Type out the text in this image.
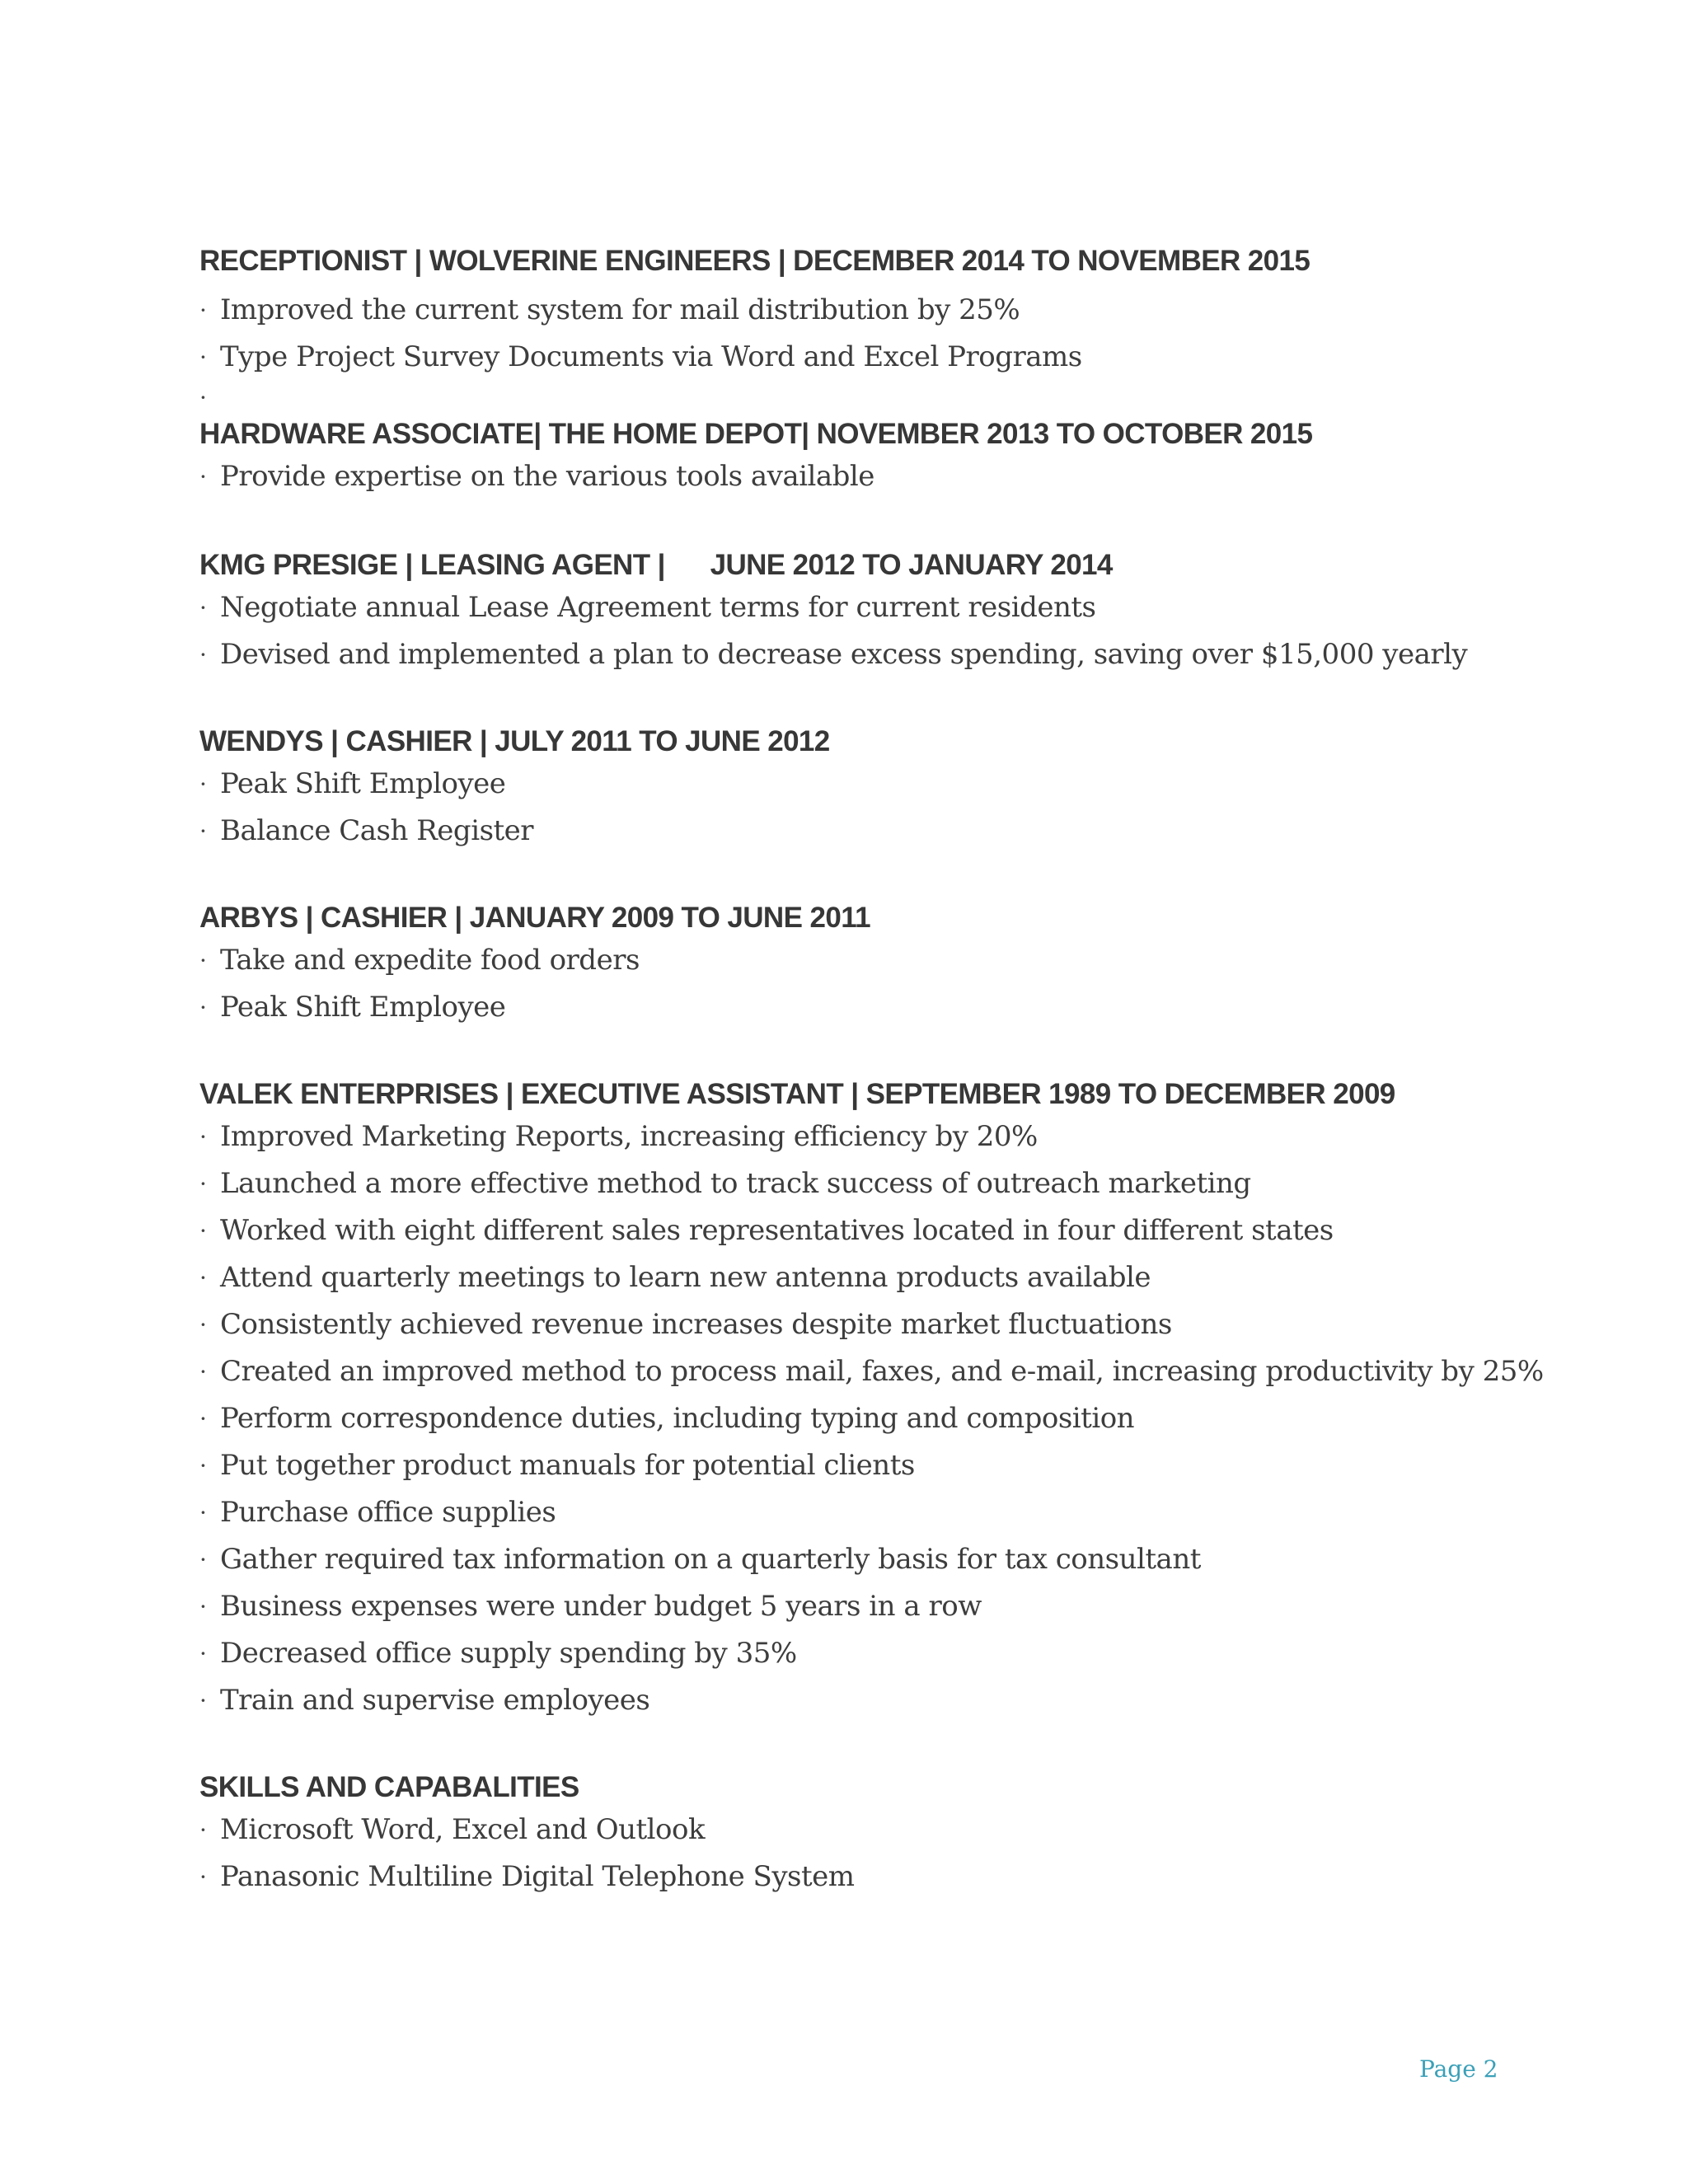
RECEPTIONIST | WOLVERINE ENGINEERS | DECEMBER 2014 TO NOVEMBER 2015
· Improved the current system for mail distribution by 25%
· Type Project Survey Documents via Word and Excel Programs
·
HARDWARE ASSOCIATE| THE HOME DEPOT| NOVEMBER 2013 TO OCTOBER 2015
· Provide expertise on the various tools available
KMG PRESIGE | LEASING AGENT |      JUNE 2012 TO JANUARY 2014
· Negotiate annual Lease Agreement terms for current residents
· Devised and implemented a plan to decrease excess spending, saving over $15,000 yearly
WENDYS | CASHIER | JULY 2011 TO JUNE 2012
· Peak Shift Employee
· Balance Cash Register
ARBYS | CASHIER | JANUARY 2009 TO JUNE 2011
· Take and expedite food orders
· Peak Shift Employee
VALEK ENTERPRISES | EXECUTIVE ASSISTANT | SEPTEMBER 1989 TO DECEMBER 2009
· Improved Marketing Reports, increasing efficiency by 20%
· Launched a more effective method to track success of outreach marketing
· Worked with eight different sales representatives located in four different states
· Attend quarterly meetings to learn new antenna products available
· Consistently achieved revenue increases despite market fluctuations
· Created an improved method to process mail, faxes, and e-mail, increasing productivity by 25%
· Perform correspondence duties, including typing and composition
· Put together product manuals for potential clients
· Purchase office supplies
· Gather required tax information on a quarterly basis for tax consultant
· Business expenses were under budget 5 years in a row
· Decreased office supply spending by 35%
· Train and supervise employees
SKILLS AND CAPABALITIES
· Microsoft Word, Excel and Outlook
· Panasonic Multiline Digital Telephone System
Page 2
